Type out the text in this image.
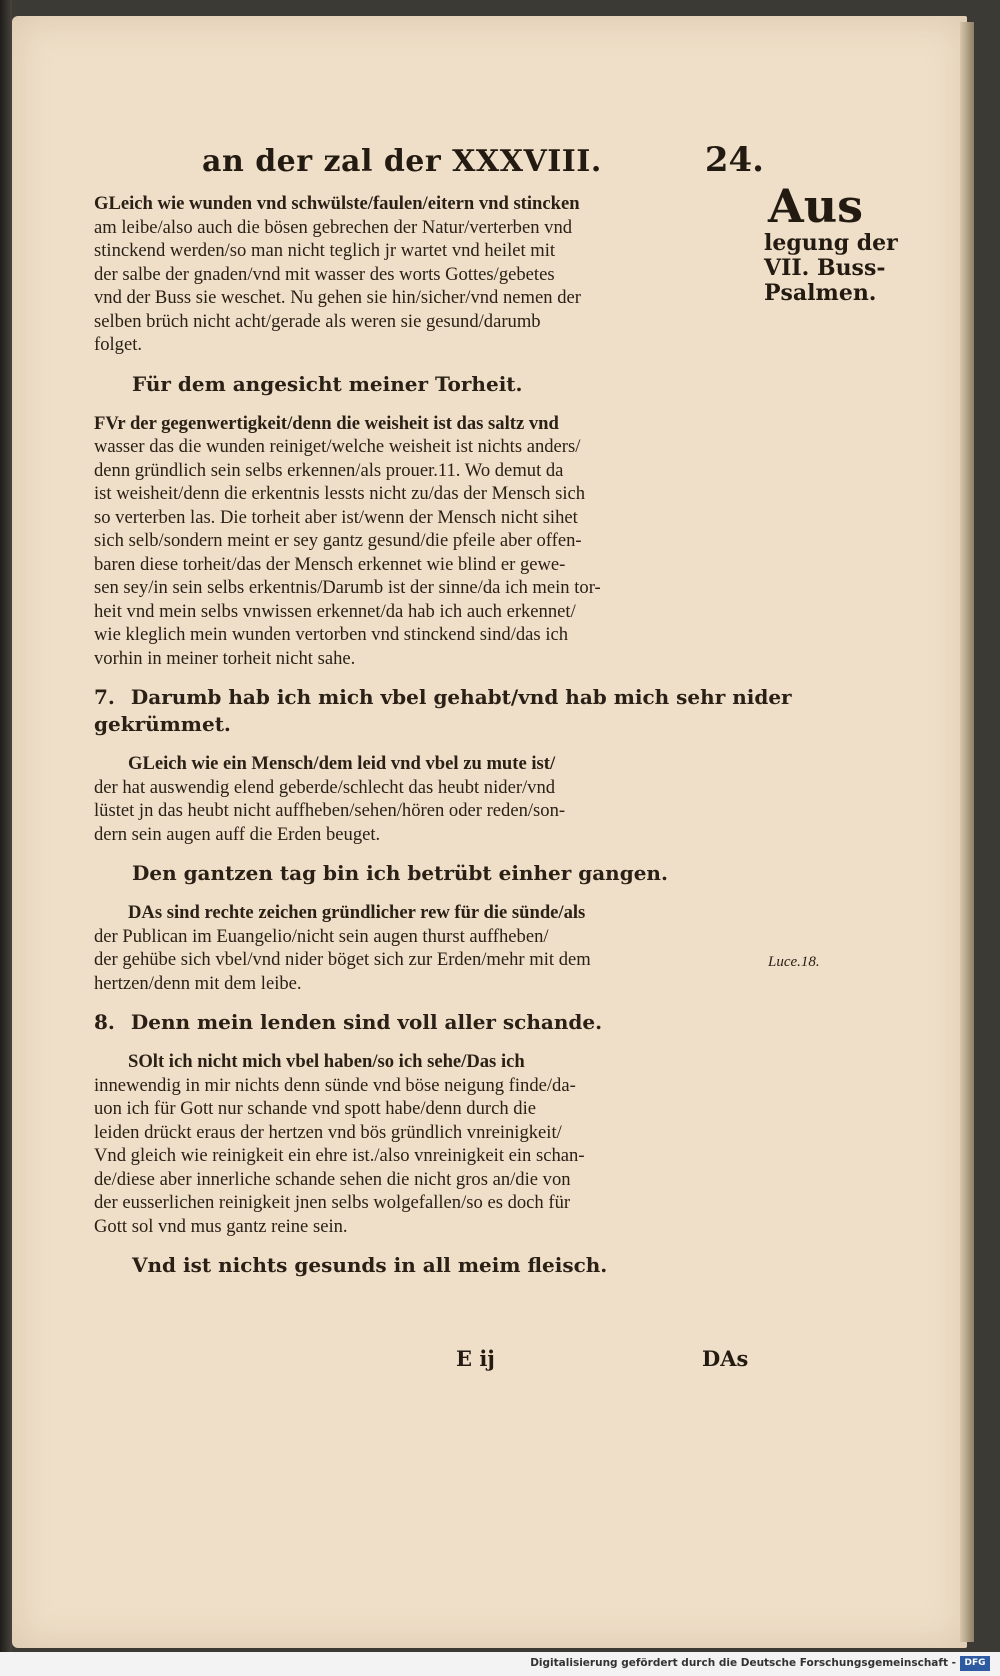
an der zal der XXXVIII.	24.

GLeich wie wunden vnd schwülste/faulen/eitern vnd stincken
am leibe/also auch die bösen gebrechen der Natur/verterben vnd
stinckend werden/so man nicht teglich jr wartet vnd heilet mit
der salbe der gnaden/vnd mit wasser des worts Gottes/gebetes
vnd der Buss sie weschet. Nu gehen sie hin/sicher/vnd nemen der
selben brüch nicht acht/gerade als weren sie gesund/darumb
folget.

Für dem angesicht meiner Torheit.

FVr der gegenwertigkeit/denn die weisheit ist das saltz vnd
wasser das die wunden reiniget/welche weisheit ist nichts anders/
denn gründlich sein selbs erkennen/als prouer.11. Wo demut da
ist weisheit/denn die erkentnis lessts nicht zu/das der Mensch sich
so verterben las. Die torheit aber ist/wenn der Mensch nicht sihet
sich selb/sondern meint er sey gantz gesund/die pfeile aber offen-
baren diese torheit/das der Mensch erkennet wie blind er gewe-
sen sey/in sein selbs erkentnis/Darumb ist der sinne/da ich mein tor-
heit vnd mein selbs vnwissen erkennet/da hab ich auch erkennet/
wie kleglich mein wunden vertorben vnd stinckend sind/das ich
vorhin in meiner torheit nicht sahe.

7. Darumb hab ich mich vbel gehabt/vnd hab mich sehr nider
gekrümmet.

GLeich wie ein Mensch/dem leid vnd vbel zu mute ist/
der hat auswendig elend geberde/schlecht das heubt nider/vnd
lüstet jn das heubt nicht auffheben/sehen/hören oder reden/son-
dern sein augen auff die Erden beuget.

Den gantzen tag bin ich betrübt einher gangen.

DAs sind rechte zeichen gründlicher rew für die sünde/als
der Publican im Euangelio/nicht sein augen thurst auffheben/
der gehübe sich vbel/vnd nider böget sich zur Erden/mehr mit dem
hertzen/denn mit dem leibe.

8. Denn mein lenden sind voll aller schande.

SOlt ich nicht mich vbel haben/so ich sehe/Das ich
innewendig in mir nichts denn sünde vnd böse neigung finde/da-
uon ich für Gott nur schande vnd spott habe/denn durch die
leiden drückt eraus der hertzen vnd bös gründlich vnreinigkeit/
Vnd gleich wie reinigkeit ein ehre ist./also vnreinigkeit ein schan-
de/diese aber innerliche schande sehen die nicht gros an/die von
der eusserlichen reinigkeit jnen selbs wolgefallen/so es doch für
Gott sol vnd mus gantz reine sein.

Vnd ist nichts gesunds in all meim fleisch.
Aus
legung der
VII. Buss-
Psalmen.
Luce.18.
E ij	DAs
Digitalisierung gefördert durch die Deutsche Forschungsgemeinschaft - DFG
